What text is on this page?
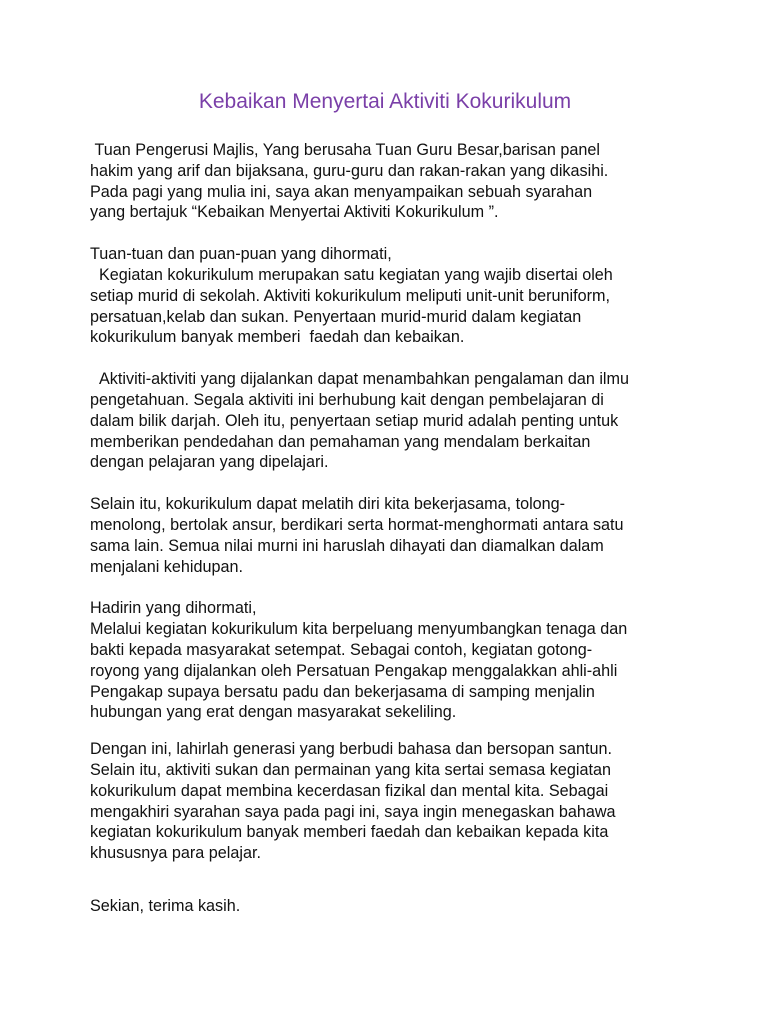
Kebaikan Menyertai Aktiviti Kokurikulum

Tuan Pengerusi Majlis, Yang berusaha Tuan Guru Besar,barisan panel
hakim yang arif dan bijaksana, guru-guru dan rakan-rakan yang dikasihi.
Pada pagi yang mulia ini, saya akan menyampaikan sebuah syarahan
yang bertajuk “Kebaikan Menyertai Aktiviti Kokurikulum ”.

Tuan-tuan dan puan-puan yang dihormati,
Kegiatan kokurikulum merupakan satu kegiatan yang wajib disertai oleh
setiap murid di sekolah. Aktiviti kokurikulum meliputi unit-unit beruniform,
persatuan,kelab dan sukan. Penyertaan murid-murid dalam kegiatan
kokurikulum banyak memberi  faedah dan kebaikan.

Aktiviti-aktiviti yang dijalankan dapat menambahkan pengalaman dan ilmu
pengetahuan. Segala aktiviti ini berhubung kait dengan pembelajaran di
dalam bilik darjah. Oleh itu, penyertaan setiap murid adalah penting untuk
memberikan pendedahan dan pemahaman yang mendalam berkaitan
dengan pelajaran yang dipelajari.

Selain itu, kokurikulum dapat melatih diri kita bekerjasama, tolong-
menolong, bertolak ansur, berdikari serta hormat-menghormati antara satu
sama lain. Semua nilai murni ini haruslah dihayati dan diamalkan dalam
menjalani kehidupan.

Hadirin yang dihormati,
Melalui kegiatan kokurikulum kita berpeluang menyumbangkan tenaga dan
bakti kepada masyarakat setempat. Sebagai contoh, kegiatan gotong-
royong yang dijalankan oleh Persatuan Pengakap menggalakkan ahli-ahli
Pengakap supaya bersatu padu dan bekerjasama di samping menjalin
hubungan yang erat dengan masyarakat sekeliling.

Dengan ini, lahirlah generasi yang berbudi bahasa dan bersopan santun.
Selain itu, aktiviti sukan dan permainan yang kita sertai semasa kegiatan
kokurikulum dapat membina kecerdasan fizikal dan mental kita. Sebagai
mengakhiri syarahan saya pada pagi ini, saya ingin menegaskan bahawa
kegiatan kokurikulum banyak memberi faedah dan kebaikan kepada kita
khususnya para pelajar.

Sekian, terima kasih.
